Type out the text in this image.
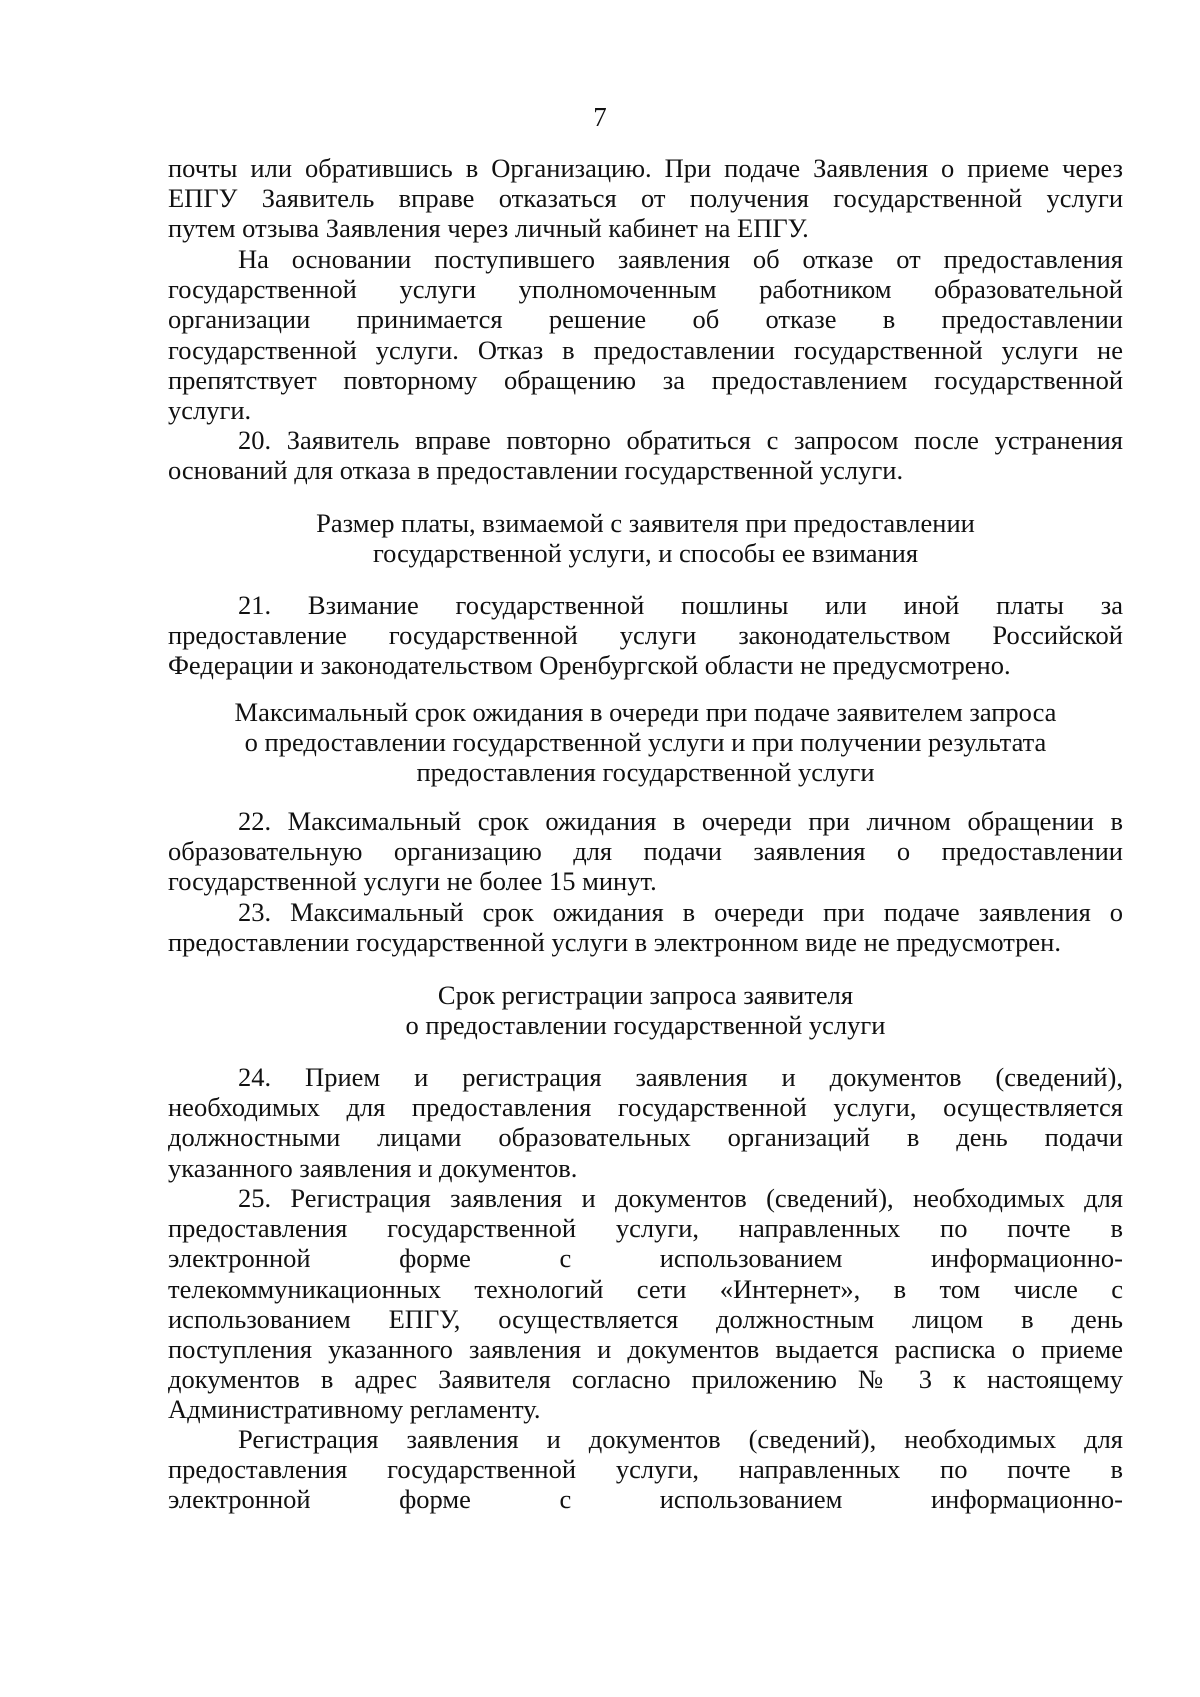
7
почты или обратившись в Организацию. При подаче Заявления о приеме через
ЕПГУ Заявитель вправе отказаться от получения государственной услуги
путем отзыва Заявления через личный кабинет на ЕПГУ.
На основании поступившего заявления об отказе от предоставления
государственной услуги уполномоченным работником образовательной
организации принимается решение об отказе в предоставлении
государственной услуги. Отказ в предоставлении государственной услуги не
препятствует повторному обращению за предоставлением государственной
услуги.
20. Заявитель вправе повторно обратиться с запросом после устранения
оснований для отказа в предоставлении государственной услуги.
Размер платы, взимаемой с заявителя при предоставлении
государственной услуги, и способы ее взимания
21. Взимание государственной пошлины или иной платы за
предоставление государственной услуги законодательством Российской
Федерации и законодательством Оренбургской области не предусмотрено.
Максимальный срок ожидания в очереди при подаче заявителем запроса
о предоставлении государственной услуги и при получении результата
предоставления государственной услуги
22. Максимальный срок ожидания в очереди при личном обращении в
образовательную организацию для подачи заявления о предоставлении
государственной услуги не более 15 минут.
23. Максимальный срок ожидания в очереди при подаче заявления о
предоставлении государственной услуги в электронном виде не предусмотрен.
Срок регистрации запроса заявителя
о предоставлении государственной услуги
24. Прием и регистрация заявления и документов (сведений),
необходимых для предоставления государственной услуги, осуществляется
должностными лицами образовательных организаций в день подачи
указанного заявления и документов.
25. Регистрация заявления и документов (сведений), необходимых для
предоставления государственной услуги, направленных по почте в
электронной форме с использованием информационно-
телекоммуникационных технологий сети «Интернет», в том числе с
использованием ЕПГУ, осуществляется должностным лицом в день
поступления указанного заявления и документов выдается расписка о приеме
документов в адрес Заявителя согласно приложению № 3 к настоящему
Административному регламенту.
Регистрация заявления и документов (сведений), необходимых для
предоставления государственной услуги, направленных по почте в
электронной форме с использованием информационно-
